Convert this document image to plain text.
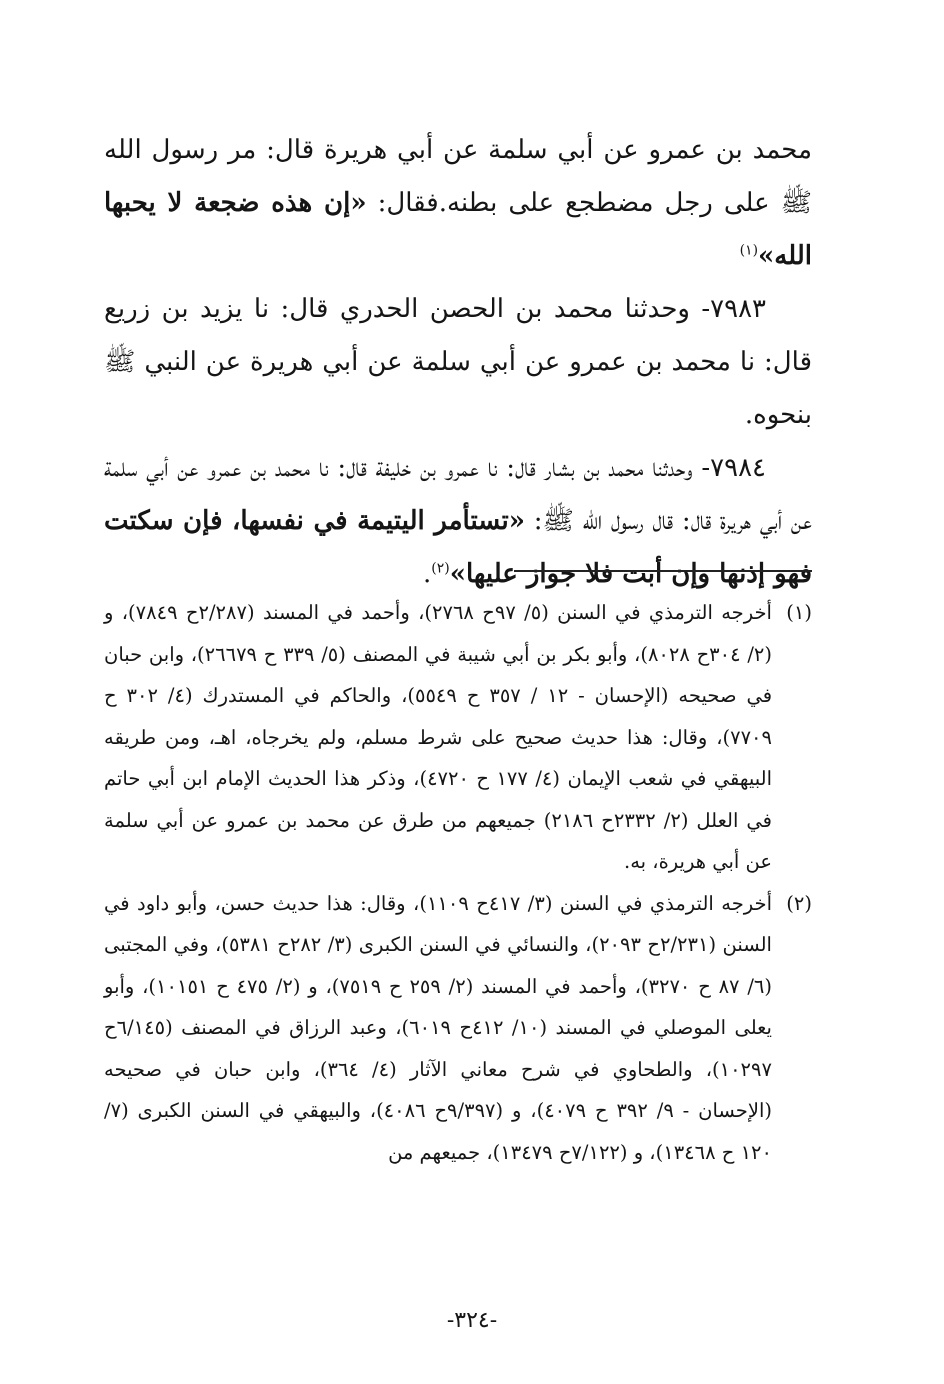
محمد بن عمرو عن أبي سلمة عن أبي هريرة قال: مر رسول الله ﷺ على رجل مضطجع على بطنه.فقال: «إن هذه ضجعة لا يحبها الله»$^{(١)}$

٧٩٨٣- وحدثنا محمد بن الحصن الحدري قال: نا يزيد بن زريع قال: نا محمد بن عمرو عن أبي سلمة عن أبي هريرة عن النبي ﷺ بنحوه.

٧٩٨٤- وحدثنا محمد بن بشار قال: نا عمرو بن خليفة قال: نا محمد بن عمرو عن أبي سلمة عن أبي هريرة قال: قال رسول الله ﷺ: «تستأمر اليتيمة في نفسها، فإن سكتت فهو إذنها وإن أبت فلا جواز عليها»$^{(٢)}$.

(١)
أخرجه الترمذي في السنن (٥/ ٩٧ح ٢٧٦٨)، وأحمد في المسند (٢/٢٨٧ح ٧٨٤٩)، و (٢/ ٣٠٤ح ٨٠٢٨)، وأبو بكر بن أبي شيبة في المصنف (٥/ ٣٣٩ ح ٢٦٦٧٩)، وابن حبان في صحيحه (الإحسان - ١٢ / ٣٥٧ ح ٥٥٤٩)، والحاكم في المستدرك (٤/ ٣٠٢ ح ٧٧٠٩)، وقال: هذا حديث صحيح على شرط مسلم، ولم يخرجاه، اهـ، ومن طريقه البيهقي في شعب الإيمان (٤/ ١٧٧ ح ٤٧٢٠)، وذكر هذا الحديث الإمام ابن أبي حاتم في العلل (٢/ ٢٣٣٢ح ٢١٨٦) جميعهم من طرق عن محمد بن عمرو عن أبي سلمة عن أبي هريرة، به.

(٢)
أخرجه الترمذي في السنن (٣/ ٤١٧ح ١١٠٩)، وقال: هذا حديث حسن، وأبو داود في السنن (٢/٢٣١ح ٢٠٩٣)، والنسائي في السنن الكبرى (٣/ ٢٨٢ح ٥٣٨١)، وفي المجتبى (٦/ ٨٧ ح ٣٢٧٠)، وأحمد في المسند (٢/ ٢٥٩ ح ٧٥١٩)، و (٢/ ٤٧٥ ح ١٠١٥١)، وأبو يعلى الموصلي في المسند (١٠/ ٤١٢ح ٦٠١٩)، وعبد الرزاق في المصنف (٦/١٤٥ح ١٠٢٩٧)، والطحاوي في شرح معاني الآثار (٤/ ٣٦٤)، وابن حبان في صحيحه (الإحسان - ٩/ ٣٩٢ ح ٤٠٧٩)، و (٩/٣٩٧ح ٤٠٨٦)، والبيهقي في السنن الكبرى (٧/ ١٢٠ ح ١٣٤٦٨)، و (٧/١٢٢ح ١٣٤٧٩)، جميعهم من

-٣٢٤-
